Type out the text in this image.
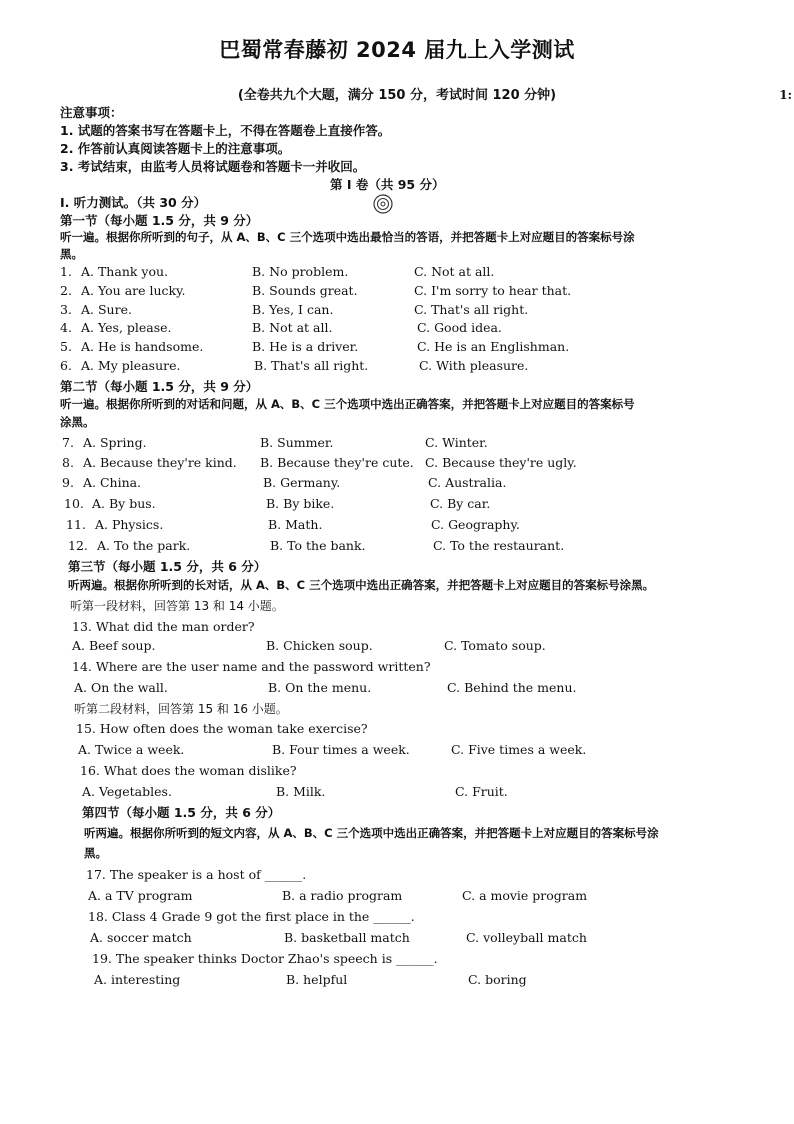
巴蜀常春藤初 2024 届九上入学测试
(全卷共九个大题，满分 150 分，考试时间 120 分钟)	1:
注意事项：
1. 试题的答案书写在答题卡上，不得在答题卷上直接作答。
2. 作答前认真阅读答题卡上的注意事项。
3. 考试结束，由监考人员将试题卷和答题卡一并收回。
第 I 卷（共 95 分）
I. 听力测试。（共 30 分）
第一节（每小题 1.5 分，共 9 分）
听一遍。根据你所听到的句子，从 A、B、C 三个选项中选出最恰当的答语，并把答题卡上对应题目的答案标号涂
黑。
1. A. Thank you.	B. No problem.	C. Not at all.
2. A. You are lucky.	B. Sounds great.	C. I'm sorry to hear that.
3. A. Sure.	B. Yes, I can.	C. That's all right.
4. A. Yes, please.	B. Not at all.	C. Good idea.
5. A. He is handsome.	B. He is a driver.	C. He is an Englishman.
6. A. My pleasure.	B. That's all right.	C. With pleasure.
第二节（每小题 1.5 分，共 9 分）
听一遍。根据你所听到的对话和问题，从 A、B、C 三个选项中选出正确答案，并把答题卡上对应题目的答案标号
涂黑。
7. A. Spring.	B. Summer.	C. Winter.
8. A. Because they're kind. B. Because they're cute. C. Because they're ugly.
9. A. China.	B. Germany.	C. Australia.
10. A. By bus.	B. By bike.	C. By car.
11. A. Physics.	B. Math.	C. Geography.
12. A. To the park.	B. To the bank.	C. To the restaurant.
第三节（每小题 1.5 分，共 6 分）
听两遍。根据你所听到的长对话，从 A、B、C 三个选项中选出正确答案，并把答题卡上对应题目的答案标号涂黑。
听第一段材料，回答第 13 和 14 小题。
13. What did the man order?
A. Beef soup.	B. Chicken soup.	C. Tomato soup.
14. Where are the user name and the password written?
A. On the wall.	B. On the menu.	C. Behind the menu.
听第二段材料，回答第 15 和 16 小题。
15. How often does the woman take exercise?
A. Twice a week.	B. Four times a week.	C. Five times a week.
16. What does the woman dislike?
A. Vegetables.	B. Milk.	C. Fruit.
第四节（每小题 1.5 分，共 6 分）
听两遍。根据你所听到的短文内容，从 A、B、C 三个选项中选出正确答案，并把答题卡上对应题目的答案标号涂
黑。
17. The speaker is a host of ______.
A. a TV program	B. a radio program	C. a movie program
18. Class 4 Grade 9 got the first place in the ______.
A. soccer match	B. basketball match	C. volleyball match
19. The speaker thinks Doctor Zhao's speech is ______.
A. interesting	B. helpful	C. boring
